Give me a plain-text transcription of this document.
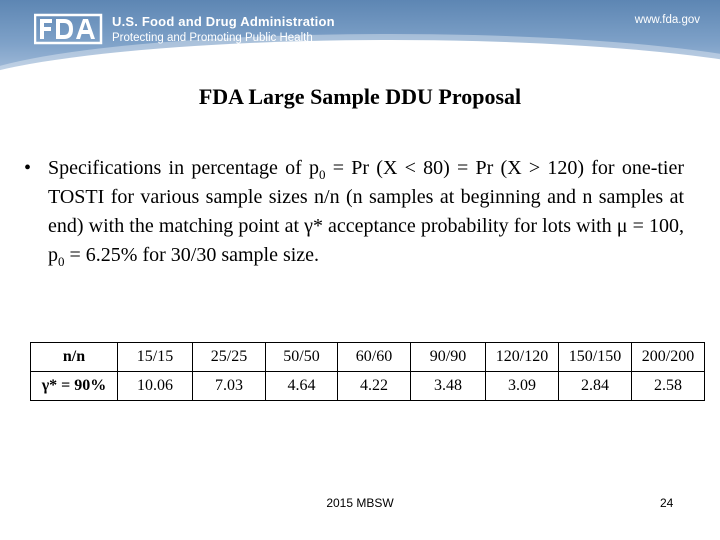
U.S. Food and Drug Administration
Protecting and Promoting Public Health
www.fda.gov
FDA Large Sample DDU Proposal
• Specifications in percentage of $p_0 = Pr$ (X < 80) = Pr (X > 120) for one-tier TOSTI for various sample sizes n/n (n samples at beginning and n samples at end) with the matching point at γ* acceptance probability for lots with μ = 100, $p_0 = 6.25\%$ for 30/30 sample size.
n/n	15/15	25/25	50/50	60/60	90/90	120/120	150/150	200/200
γ* = 90%	10.06	7.03	4.64	4.22	3.48	3.09	2.84	2.58
2015 MBSW	24
